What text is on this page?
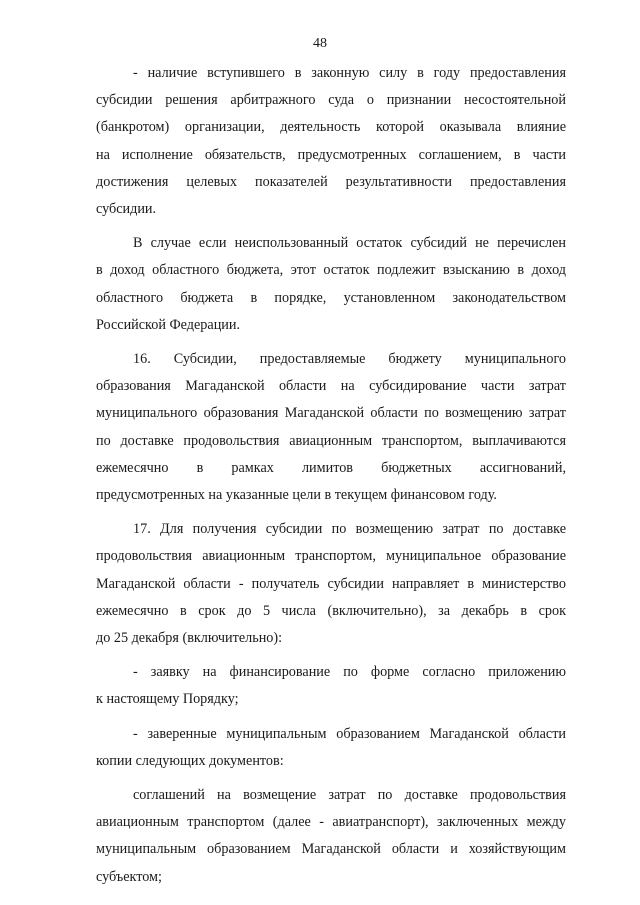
48

- наличие вступившего в законную силу в году предоставления
субсидии решения арбитражного суда о признании несостоятельной
(банкротом) организации, деятельность которой оказывала влияние
на исполнение обязательств, предусмотренных соглашением, в части
достижения целевых показателей результативности предоставления
субсидии.

В случае если неиспользованный остаток субсидий не перечислен
в доход областного бюджета, этот остаток подлежит взысканию в доход
областного бюджета в порядке, установленном законодательством
Российской Федерации.

16. Субсидии, предоставляемые бюджету муниципального
образования Магаданской области на субсидирование части затрат
муниципального образования Магаданской области по возмещению затрат
по доставке продовольствия авиационным транспортом, выплачиваются
ежемесячно в рамках лимитов бюджетных ассигнований,
предусмотренных на указанные цели в текущем финансовом году.

17. Для получения субсидии по возмещению затрат по доставке
продовольствия авиационным транспортом, муниципальное образование
Магаданской области - получатель субсидии направляет в министерство
ежемесячно в срок до 5 числа (включительно), за декабрь в срок
до 25 декабря (включительно):

- заявку на финансирование по форме согласно приложению
к настоящему Порядку;

- заверенные муниципальным образованием Магаданской области
копии следующих документов:

соглашений на возмещение затрат по доставке продовольствия
авиационным транспортом (далее - авиатранспорт), заключенных между
муниципальным образованием Магаданской области и хозяйствующим
субъектом;
